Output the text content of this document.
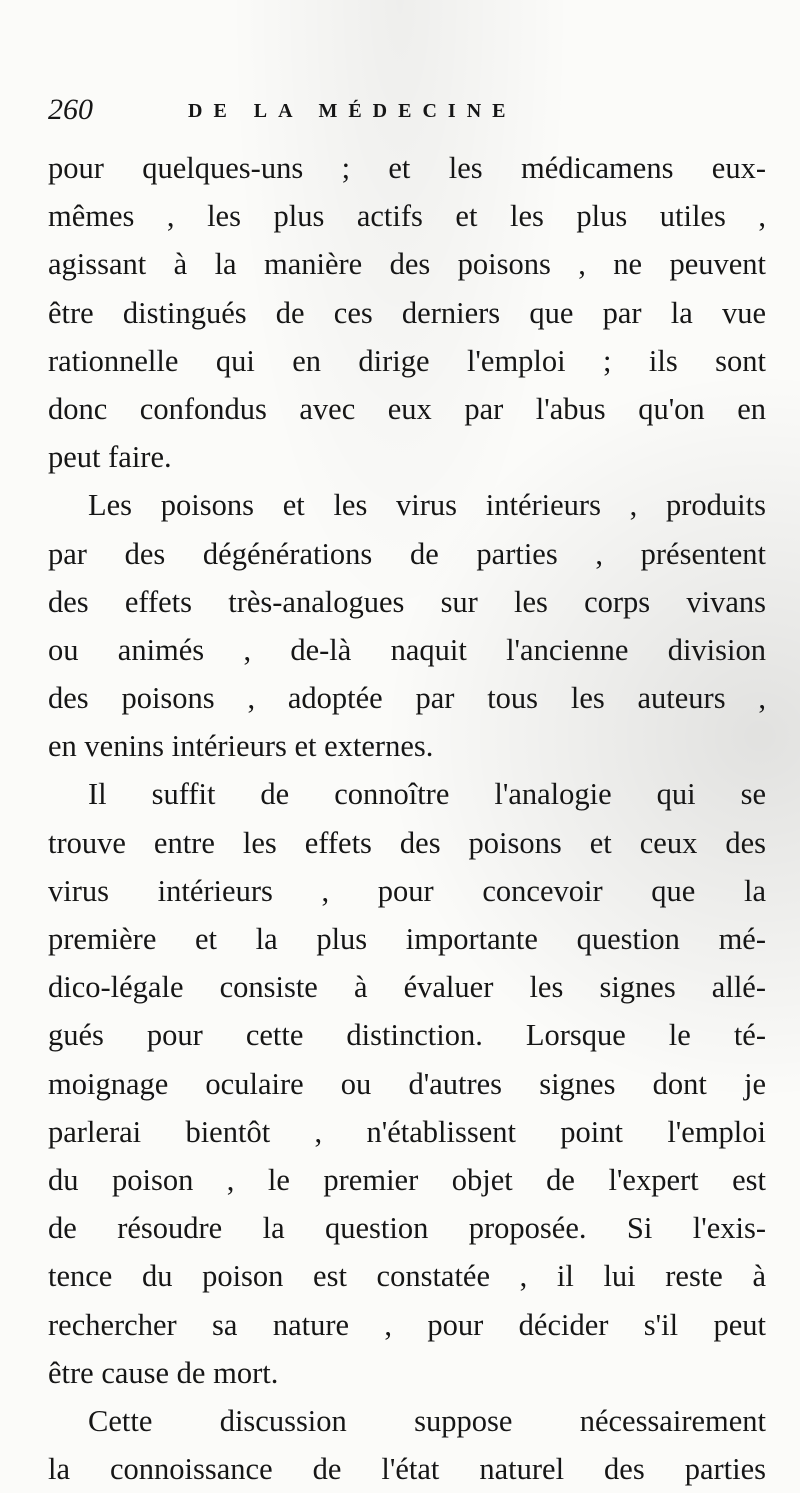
260	DE LA MÉDECINE
pour quelques-uns ; et les médicamens eux-
mêmes , les plus actifs et les plus utiles ,
agissant à la manière des poisons , ne peuvent
être distingués de ces derniers que par la vue
rationnelle qui en dirige l'emploi ; ils sont
donc confondus avec eux par l'abus qu'on en
peut faire.
Les poisons et les virus intérieurs , produits
par des dégénérations de parties , présentent
des effets très-analogues sur les corps vivans
ou animés , de-là naquit l'ancienne division
des poisons , adoptée par tous les auteurs ,
en venins intérieurs et externes.
Il suffit de connoître l'analogie qui se
trouve entre les effets des poisons et ceux des
virus intérieurs , pour concevoir que la
première et la plus importante question mé-
dico-légale consiste à évaluer les signes allé-
gués pour cette distinction. Lorsque le té-
moignage oculaire ou d'autres signes dont je
parlerai bientôt , n'établissent point l'emploi
du poison , le premier objet de l'expert est
de résoudre la question proposée. Si l'exis-
tence du poison est constatée , il lui reste à
rechercher sa nature , pour décider s'il peut
être cause de mort.
Cette discussion suppose nécessairement
la connoissance de l'état naturel des parties
